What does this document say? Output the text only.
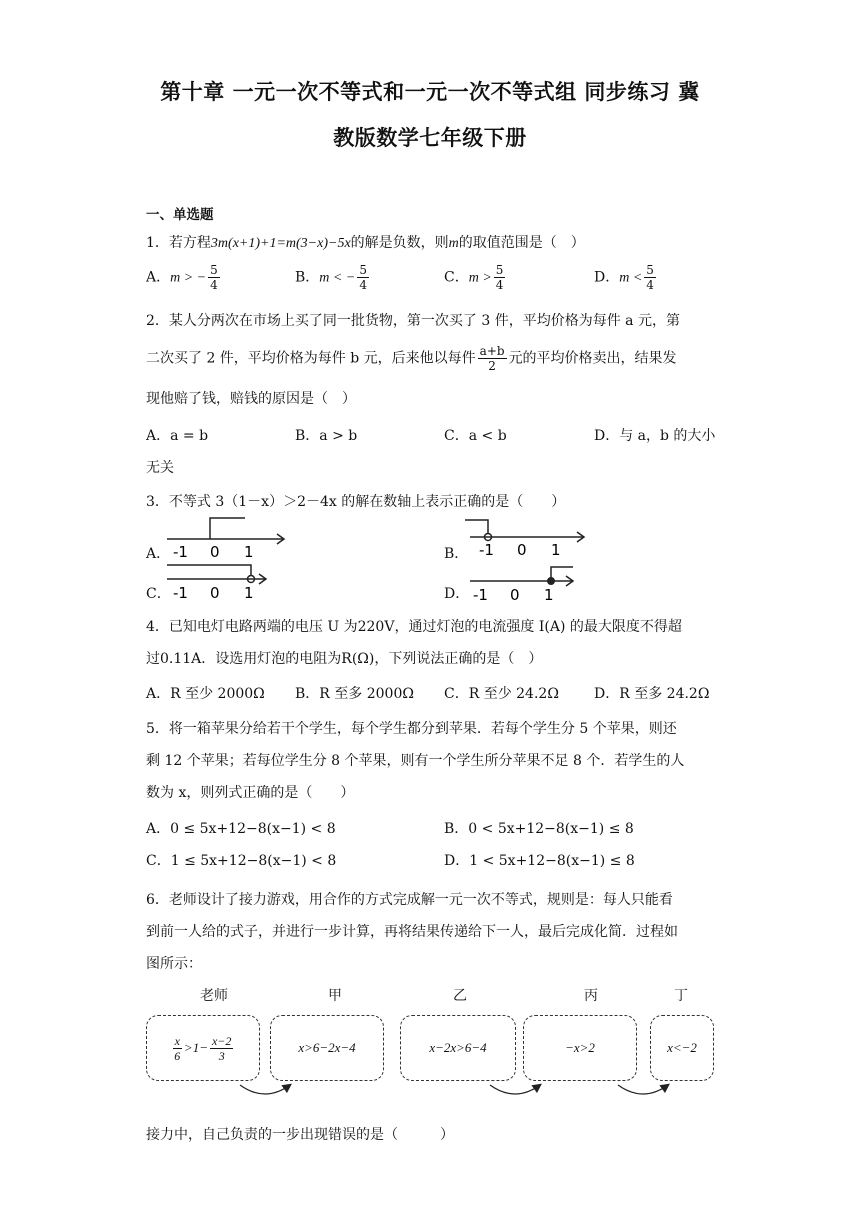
第十章 一元一次不等式和一元一次不等式组 同步练习 冀
教版数学七年级下册
一、单选题
1．若方程3m(x+1)+1=m(3−x)−5x的解是负数，则m的取值范围是（　）
A．m > − $\frac{5}{4}$	B．m < − $\frac{5}{4}$	C．$m > \frac{5}{4}$	D．$m < \frac{5}{4}$
2．某人分两次在市场上买了同一批货物，第一次买了 3 件，平均价格为每件 a 元，第
二次买了 2 件，平均价格为每件 b 元，后来他以每件 $\frac{a+b}{2}$ 元的平均价格卖出，结果发
现他赔了钱，赔钱的原因是（　）
A．a = b	B．a > b	C．a < b	D．与 a，b 的大小
无关
3．不等式 3（1－x）＞2－4x 的解在数轴上表示正确的是（　　）
A． -1 0 1	B． -1 0 1
C． -1 0 1	D． -1 0 1
4．已知电灯电路两端的电压 U 为220V，通过灯泡的电流强度 I(A) 的最大限度不得超
过0.11A．设选用灯泡的电阻为R(Ω)，下列说法正确的是（　）
A．R 至少 2000Ω B．R 至多 2000Ω C．R 至少 24.2Ω	D．R 至多 24.2Ω
5．将一箱苹果分给若干个学生，每个学生都分到苹果．若每个学生分 5 个苹果，则还
剩 12 个苹果；若每位学生分 8 个苹果，则有一个学生所分苹果不足 8 个．若学生的人
数为 x，则列式正确的是（　　）
A．0 ≤ 5x+12−8(x−1) < 8	B．0 < 5x+12−8(x−1) ≤ 8
C．1 ≤ 5x+12−8(x−1) < 8	D．1 < 5x+12−8(x−1) ≤ 8
6．老师设计了接力游戏，用合作的方式完成解一元一次不等式，规则是：每人只能看
到前一人给的式子，并进行一步计算，再将结果传递给下一人，最后完成化简．过程如
图所示：
老师	甲	乙	丙	丁
$\frac{x}{6} >1- \frac{x-2}{3}$	x>6−2x−4	x−2x>6−4	−x>2	x<−2
接力中，自己负责的一步出现错误的是（　　　）
